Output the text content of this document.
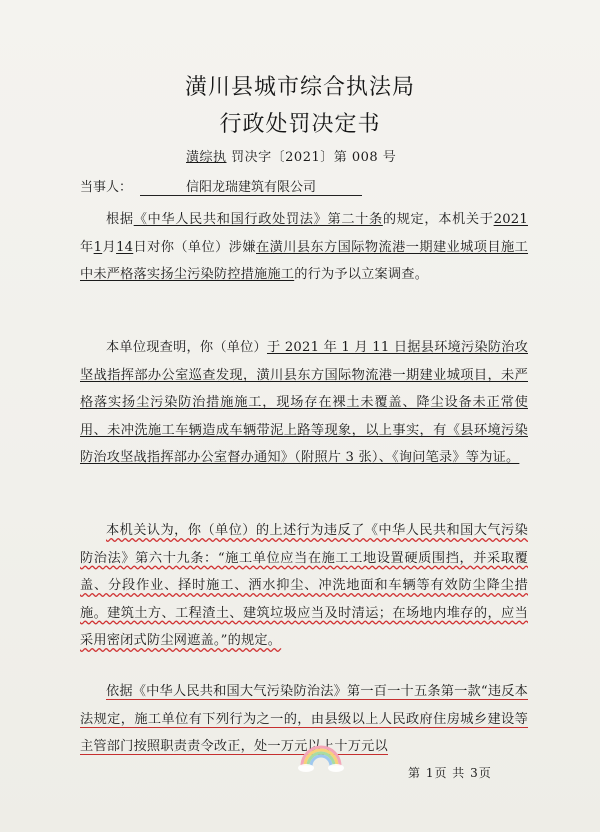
潢川县城市综合执法局
行政处罚决定书
潢综执 罚决字〔2021〕第 008 号
当事人：	信阳龙瑞建筑有限公司

根据《中华人民共和国行政处罚法》第二十条的规定，本机关于2021年1月14日对你（单位）涉嫌在潢川县东方国际物流港一期建业城项目施工中未严格落实扬尘污染防控措施施工的行为予以立案调查。

本单位现查明，你（单位）于 2021 年 1 月 11 日据县环境污染防治攻坚战指挥部办公室巡查发现，潢川县东方国际物流港一期建业城项目，未严格落实扬尘污染防治措施施工，现场存在裸土未覆盖、降尘设备未正常使用、未冲洗施工车辆造成车辆带泥上路等现象，以上事实，有《县环境污染防治攻坚战指挥部办公室督办通知》（附照片 3 张）、《询问笔录》等为证。

本机关认为，你（单位）的上述行为违反了《中华人民共和国大气污染防治法》第六十九条：“施工单位应当在施工工地设置硬质围挡，并采取覆盖、分段作业、择时施工、洒水抑尘、冲洗地面和车辆等有效防尘降尘措施。建筑土方、工程渣土、建筑垃圾应当及时清运；在场地内堆存的，应当采用密闭式防尘网遮盖。”的规定。

依据《中华人民共和国大气污染防治法》第一百一十五条第一款“违反本法规定，施工单位有下列行为之一的，由县级以上人民政府住房城乡建设等主管部门按照职责责令改正，处一万元以上十万元以

第 1页 共 3页
